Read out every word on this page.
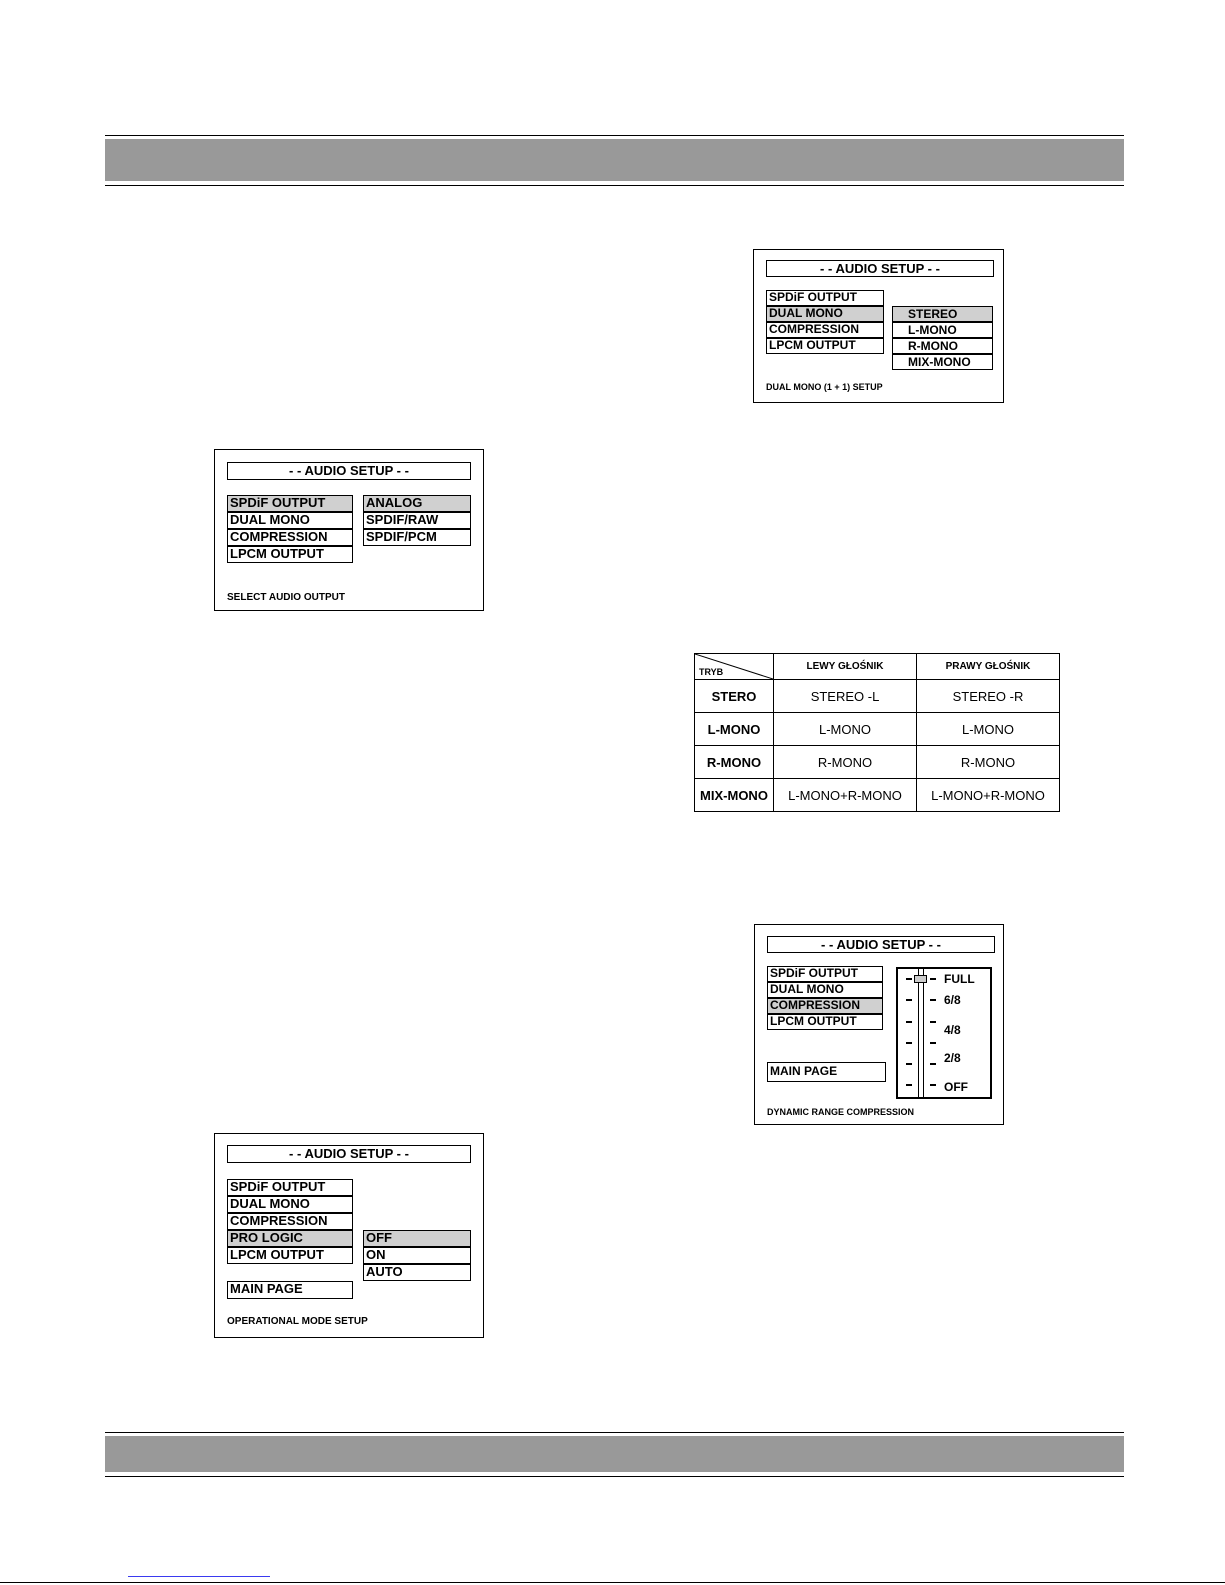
- - AUDIO SETUP - -
SPDiF OUTPUT
DUAL MONO
COMPRESSION
LPCM OUTPUT
ANALOG
SPDIF/RAW
SPDIF/PCM
SELECT AUDIO OUTPUT
- - AUDIO SETUP - -
SPDiF OUTPUT
DUAL MONO
COMPRESSION
LPCM OUTPUT
STEREO
L-MONO
R-MONO
MIX-MONO
DUAL MONO (1 + 1) SETUP
TRYB	LEWY GŁOŚNIK	PRAWY GŁOŚNIK
STERO	STEREO -L	STEREO -R
L-MONO	L-MONO	L-MONO
R-MONO	R-MONO	R-MONO
MIX-MONO	L-MONO+R-MONO	L-MONO+R-MONO
- - AUDIO SETUP - -
SPDiF OUTPUT
DUAL MONO
COMPRESSION
LPCM OUTPUT
MAIN PAGE
FULL
6/8
4/8
2/8
OFF
DYNAMIC RANGE COMPRESSION
- - AUDIO SETUP - -
SPDiF OUTPUT
DUAL MONO
COMPRESSION
PRO LOGIC
LPCM OUTPUT
OFF
ON
AUTO
MAIN PAGE
OPERATIONAL MODE SETUP
